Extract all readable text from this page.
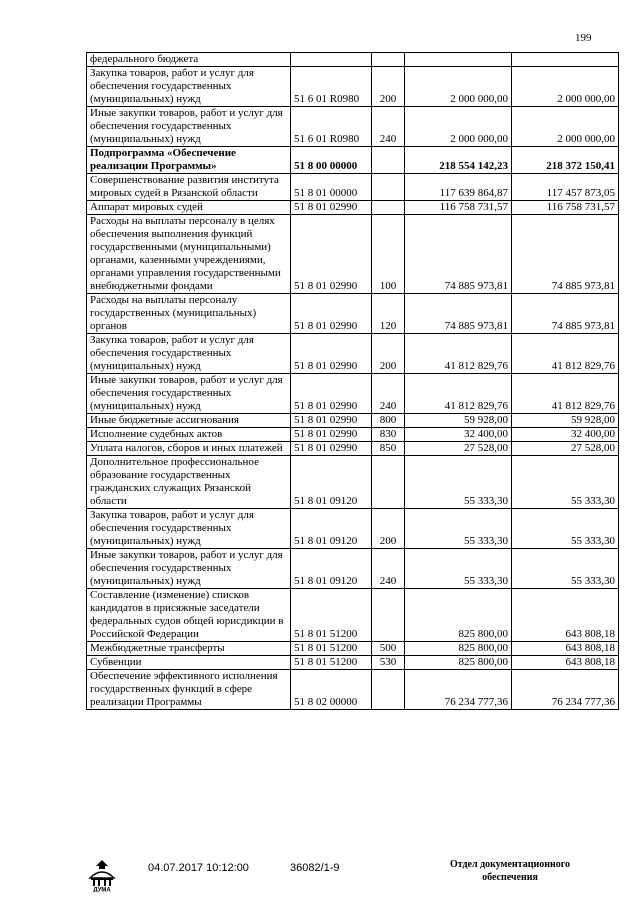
199
федерального бюджета				
Закупка товаров, работ и услуг для обеспечения государственных (муниципальных) нужд	51 6 01 R0980	200	2 000 000,00	2 000 000,00
Иные закупки товаров, работ и услуг для обеспечения государственных (муниципальных) нужд	51 6 01 R0980	240	2 000 000,00	2 000 000,00
Подпрограмма «Обеспечение реализации Программы»	51 8 00 00000		218 554 142,23	218 372 150,41
Совершенствование развития института мировых судей в Рязанской области	51 8 01 00000		117 639 864,87	117 457 873,05
Аппарат мировых судей	51 8 01 02990		116 758 731,57	116 758 731,57
Расходы на выплаты персоналу в целях обеспечения выполнения функций государственными (муниципальными) органами, казенными учреждениями, органами управления государственными внебюджетными фондами	51 8 01 02990	100	74 885 973,81	74 885 973,81
Расходы на выплаты персоналу государственных (муниципальных) органов	51 8 01 02990	120	74 885 973,81	74 885 973,81
Закупка товаров, работ и услуг для обеспечения государственных (муниципальных) нужд	51 8 01 02990	200	41 812 829,76	41 812 829,76
Иные закупки товаров, работ и услуг для обеспечения государственных (муниципальных) нужд	51 8 01 02990	240	41 812 829,76	41 812 829,76
Иные бюджетные ассигнования	51 8 01 02990	800	59 928,00	59 928,00
Исполнение судебных актов	51 8 01 02990	830	32 400,00	32 400,00
Уплата налогов, сборов и иных платежей	51 8 01 02990	850	27 528,00	27 528,00
Дополнительное профессиональное образование государственных гражданских служащих Рязанской области	51 8 01 09120		55 333,30	55 333,30
Закупка товаров, работ и услуг для обеспечения государственных (муниципальных) нужд	51 8 01 09120	200	55 333,30	55 333,30
Иные закупки товаров, работ и услуг для обеспечения государственных (муниципальных) нужд	51 8 01 09120	240	55 333,30	55 333,30
Составление (изменение) списков кандидатов в присяжные заседатели федеральных судов общей юрисдикции в Российской Федерации	51 8 01 51200		825 800,00	643 808,18
Межбюджетные трансферты	51 8 01 51200	500	825 800,00	643 808,18
Субвенции	51 8 01 51200	530	825 800,00	643 808,18
Обеспечение эффективного исполнения государственных функций в сфере реализации Программы	51 8 02 00000		76 234 777,36	76 234 777,36
ДУМА
04.07.2017 10:12:00	36082/1-9	Отдел документационного
обеспечения
